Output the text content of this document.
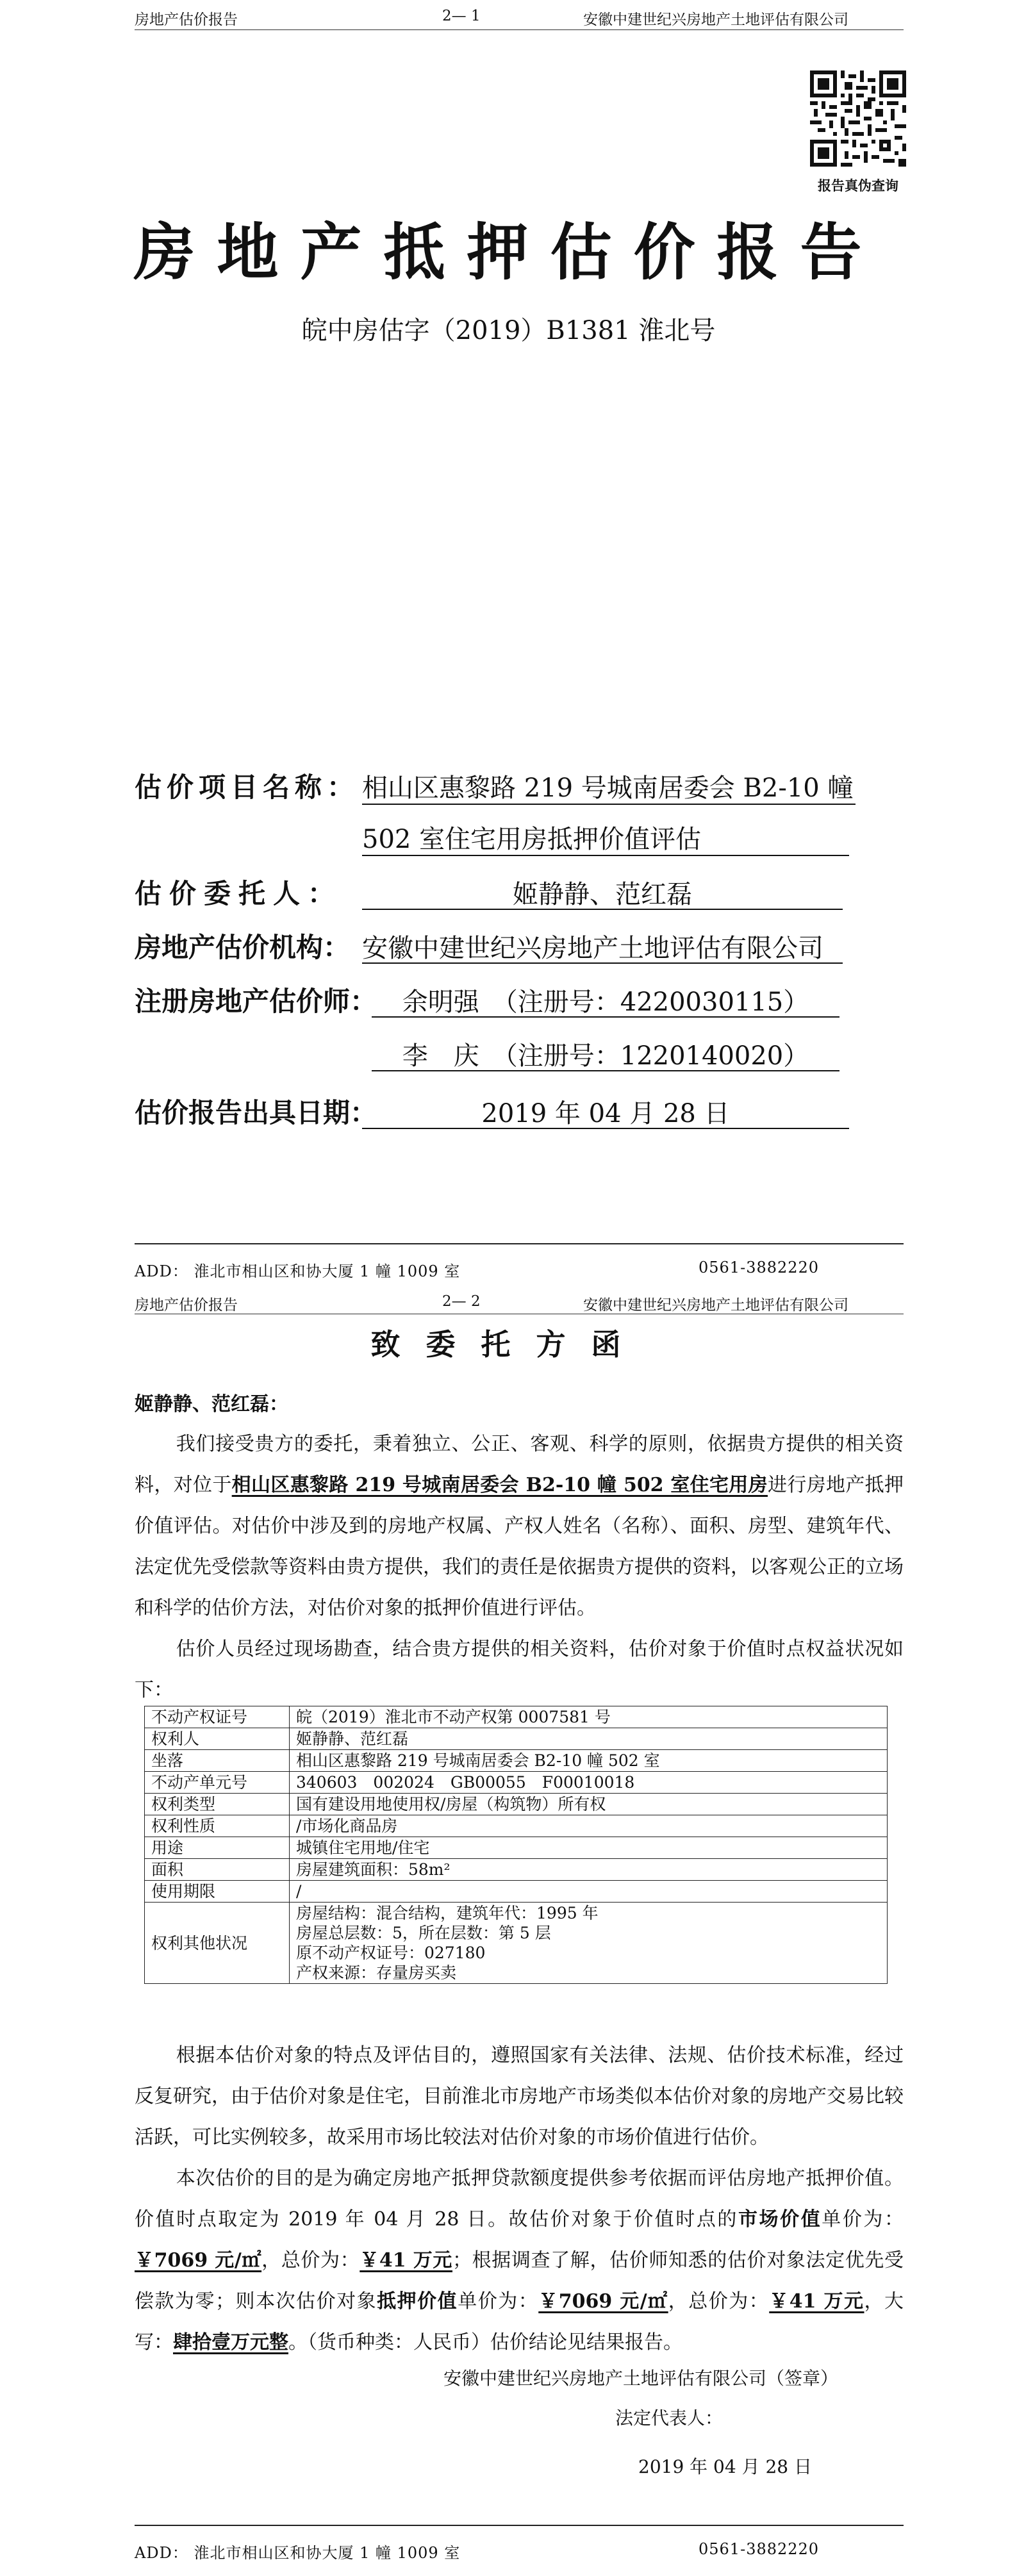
房地产估价报告	2— 1	安徽中建世纪兴房地产土地评估有限公司
报告真伪查询
房地产抵押估价报告
皖中房估字（2019）B1381 淮北号
估价项目名称： 相山区惠黎路 219 号城南居委会 B2-10 幢
502 室住宅用房抵押价值评估
估价委托人：	姬静静、范红磊
房地产估价机构： 安徽中建世纪兴房地产土地评估有限公司
注册房地产估价师： 余明强　（注册号：4220030115）
李　庆　（注册号：1220140020）
估价报告出具日期：	2019 年 04 月 28 日
ADD： 淮北市相山区和协大厦 1 幢 1009 室	0561-3882220
房地产估价报告	2— 2	安徽中建世纪兴房地产土地评估有限公司
致委托方函
姬静静、范红磊：
我们接受贵方的委托，秉着独立、公正、客观、科学的原则，依据贵方提供的相关资料，对位于相山区惠黎路 219 号城南居委会 B2-10 幢 502 室住宅用房进行房地产抵押价值评估。对估价中涉及到的房地产权属、产权人姓名（名称）、面积、房型、建筑年代、法定优先受偿款等资料由贵方提供，我们的责任是依据贵方提供的资料，以客观公正的立场和科学的估价方法，对估价对象的抵押价值进行评估。
估价人员经过现场勘查，结合贵方提供的相关资料，估价对象于价值时点权益状况如下：
不动产权证号	皖（2019）淮北市不动产权第 0007581 号
权利人	姬静静、范红磊
坐落	相山区惠黎路 219 号城南居委会 B2-10 幢 502 室
不动产单元号	340603　002024　GB00055　F00010018
权利类型	国有建设用地使用权/房屋（构筑物）所有权
权利性质	/市场化商品房
用途	城镇住宅用地/住宅
面积	房屋建筑面积：58m²
使用期限	/
权利其他状况	房屋结构：混合结构，建筑年代：1995 年
房屋总层数：5，所在层数：第 5 层
原不动产权证号：027180
产权来源：存量房买卖
根据本估价对象的特点及评估目的，遵照国家有关法律、法规、估价技术标准，经过反复研究，由于估价对象是住宅，目前淮北市房地产市场类似本估价对象的房地产交易比较活跃，可比实例较多，故采用市场比较法对估价对象的市场价值进行估价。
本次估价的目的是为确定房地产抵押贷款额度提供参考依据而评估房地产抵押价值。价值时点取定为 2019 年 04 月 28 日。故估价对象于价值时点的市场价值单价为：￥7069 元/㎡，总价为：￥41 万元；根据调查了解，估价师知悉的估价对象法定优先受偿款为零；则本次估价对象抵押价值单价为：￥7069 元/㎡，总价为：￥41 万元，大写：肆拾壹万元整。（货币种类：人民币）估价结论见结果报告。
安徽中建世纪兴房地产土地评估有限公司（签章）
法定代表人：
2019 年 04 月 28 日
ADD： 淮北市相山区和协大厦 1 幢 1009 室	0561-3882220
